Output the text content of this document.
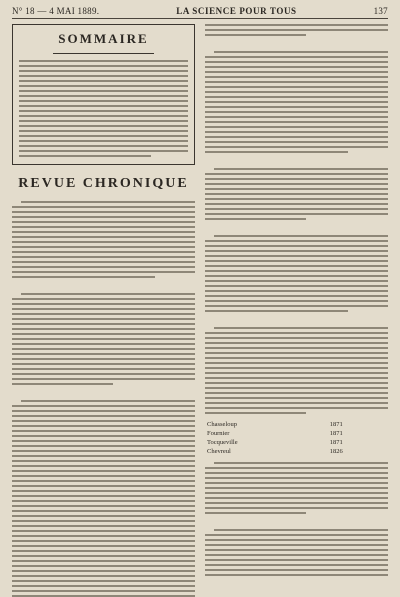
N° 18 — 4 MAI 1889.	LA SCIENCE POUR TOUS	137
SOMMAIRE
REVUE CHRONIQUE
Chasseloup	1871
Fournier	1871
Tocqueville	1871
Chevreul	1826
